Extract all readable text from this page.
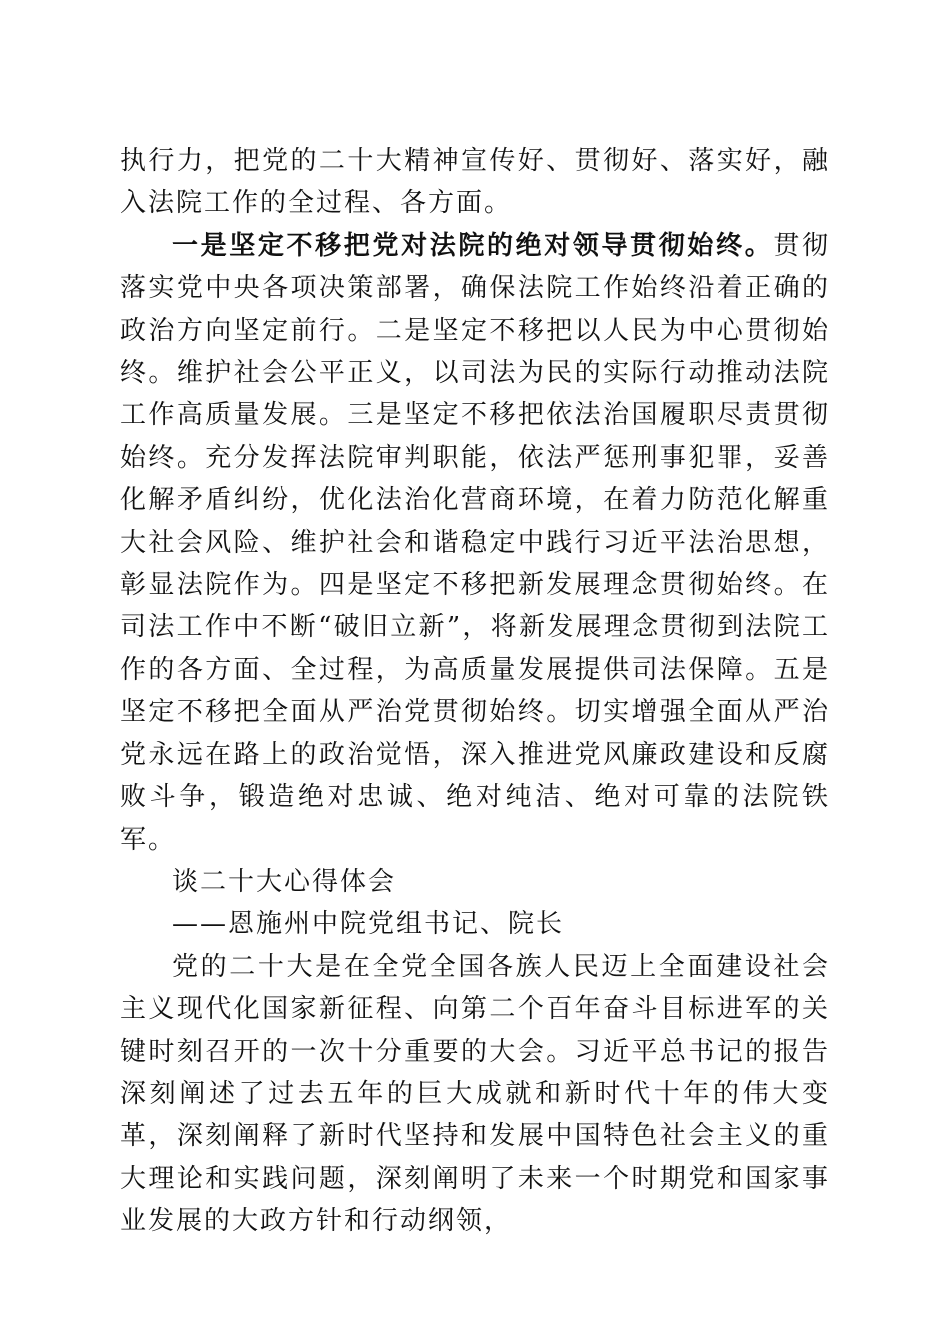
执行力，把党的二十大精神宣传好、贯彻好、落实好，融入法院工作的全过程、各方面。

一是坚定不移把党对法院的绝对领导贯彻始终。贯彻落实党中央各项决策部署，确保法院工作始终沿着正确的政治方向坚定前行。二是坚定不移把以人民为中心贯彻始终。维护社会公平正义，以司法为民的实际行动推动法院工作高质量发展。三是坚定不移把依法治国履职尽责贯彻始终。充分发挥法院审判职能，依法严惩刑事犯罪，妥善化解矛盾纠纷，优化法治化营商环境，在着力防范化解重大社会风险、维护社会和谐稳定中践行习近平法治思想，彰显法院作为。四是坚定不移把新发展理念贯彻始终。在司法工作中不断“破旧立新”，将新发展理念贯彻到法院工作的各方面、全过程，为高质量发展提供司法保障。五是坚定不移把全面从严治党贯彻始终。切实增强全面从严治党永远在路上的政治觉悟，深入推进党风廉政建设和反腐败斗争，锻造绝对忠诚、绝对纯洁、绝对可靠的法院铁军。

谈二十大心得体会

——恩施州中院党组书记、院长

党的二十大是在全党全国各族人民迈上全面建设社会主义现代化国家新征程、向第二个百年奋斗目标进军的关键时刻召开的一次十分重要的大会。习近平总书记的报告深刻阐述了过去五年的巨大成就和新时代十年的伟大变革，深刻阐释了新时代坚持和发展中国特色社会主义的重大理论和实践问题，深刻阐明了未来一个时期党和国家事业发展的大政方针和行动纲领，
